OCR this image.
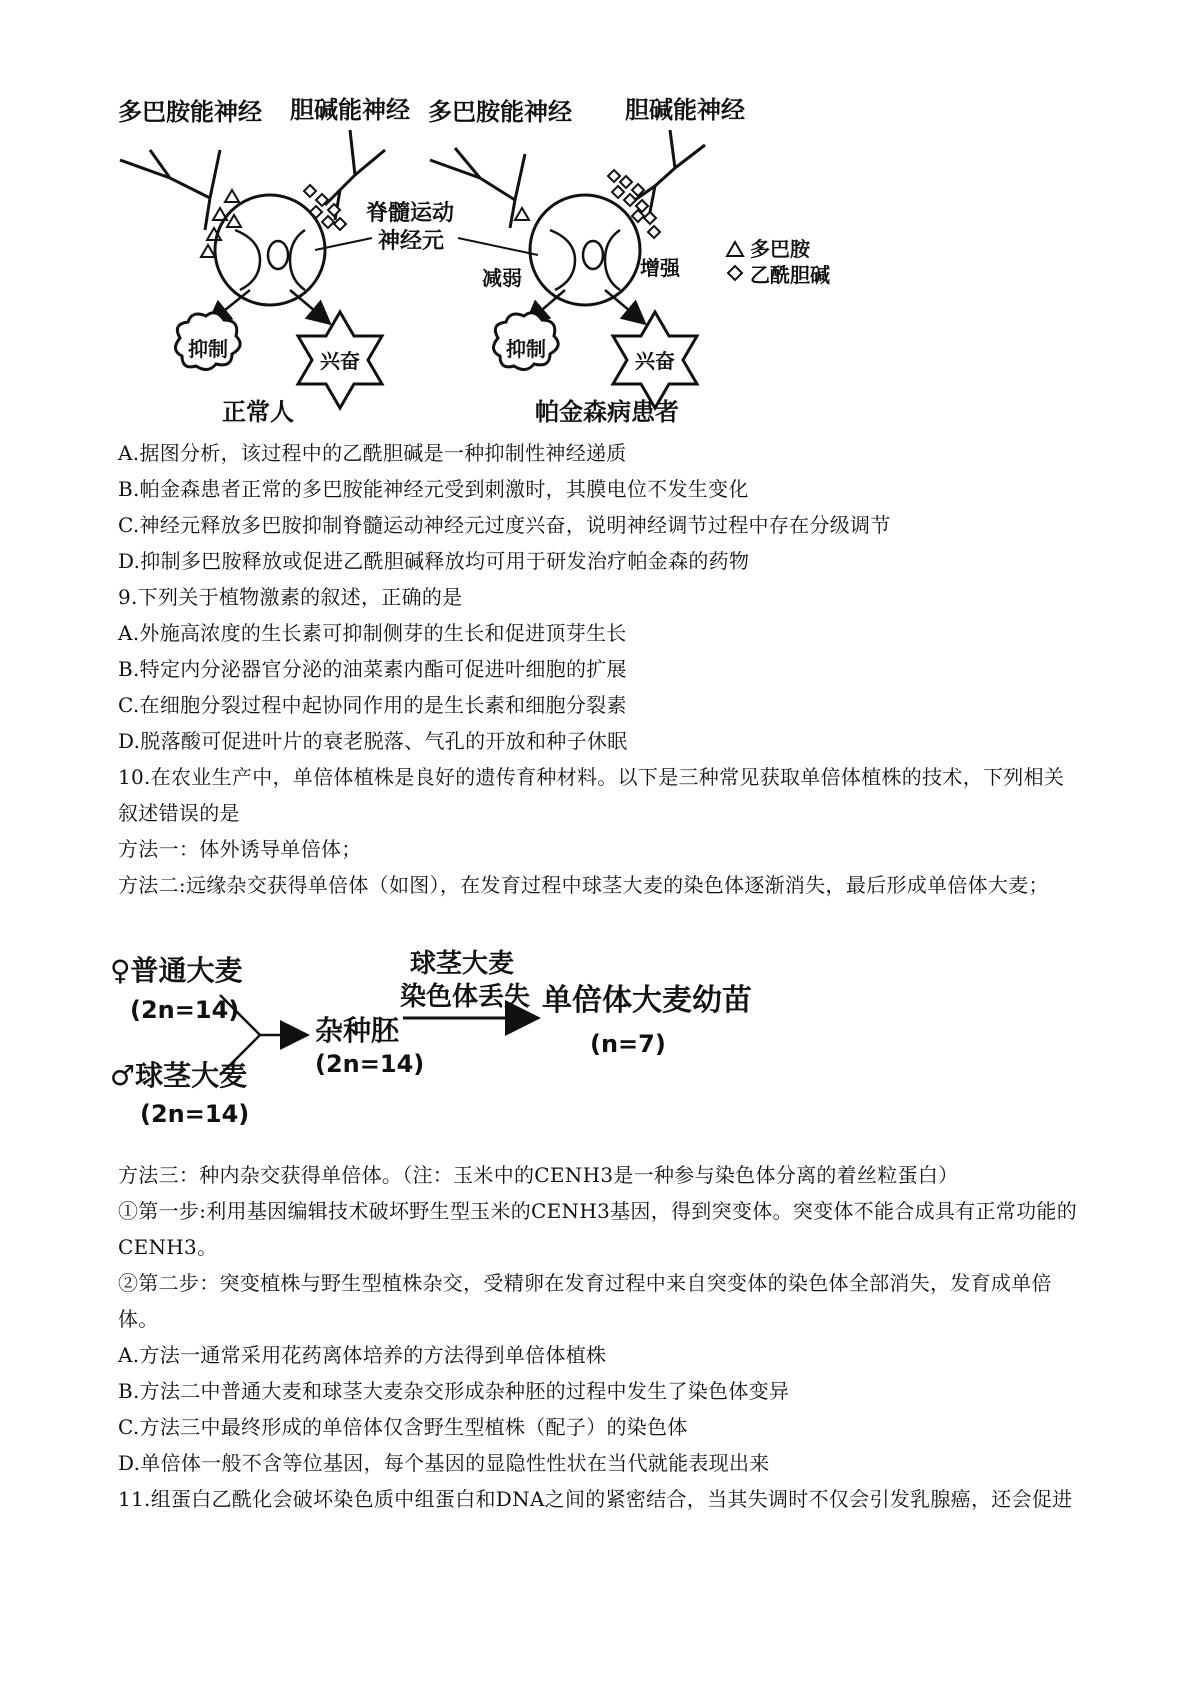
多巴胺能神经 胆碱能神经
抑制	兴奋
正常人
脊髓运动
神经元
多巴胺能神经 胆碱能神经
减弱	增强
抑制	兴奋
帕金森病患者
多巴胺
乙酰胆碱
A.据图分析，该过程中的乙酰胆碱是一种抑制性神经递质
B.帕金森患者正常的多巴胺能神经元受到刺激时，其膜电位不发生变化
C.神经元释放多巴胺抑制脊髓运动神经元过度兴奋，说明神经调节过程中存在分级调节
D.抑制多巴胺释放或促进乙酰胆碱释放均可用于研发治疗帕金森的药物
9.下列关于植物激素的叙述，正确的是
A.外施高浓度的生长素可抑制侧芽的生长和促进顶芽生长
B.特定内分泌器官分泌的油菜素内酯可促进叶细胞的扩展
C.在细胞分裂过程中起协同作用的是生长素和细胞分裂素
D.脱落酸可促进叶片的衰老脱落、气孔的开放和种子休眠
10.在农业生产中，单倍体植株是良好的遗传育种材料。以下是三种常见获取单倍体植株的技术，下列相关
叙述错误的是
方法一：体外诱导单倍体；
方法二:远缘杂交获得单倍体（如图），在发育过程中球茎大麦的染色体逐渐消失，最后形成单倍体大麦；
♀普通大麦
(2n=14)
♂球茎大麦
(2n=14)
杂种胚
(2n=14)
球茎大麦
染色体丢失 单倍体大麦幼苗
(n=7)
方法三：种内杂交获得单倍体。（注：玉米中的CENH3是一种参与染色体分离的着丝粒蛋白）
①第一步:利用基因编辑技术破坏野生型玉米的CENH3基因，得到突变体。突变体不能合成具有正常功能的
CENH3。
②第二步：突变植株与野生型植株杂交，受精卵在发育过程中来自突变体的染色体全部消失，发育成单倍
体。
A.方法一通常采用花药离体培养的方法得到单倍体植株
B.方法二中普通大麦和球茎大麦杂交形成杂种胚的过程中发生了染色体变异
C.方法三中最终形成的单倍体仅含野生型植株（配子）的染色体
D.单倍体一般不含等位基因，每个基因的显隐性性状在当代就能表现出来
11.组蛋白乙酰化会破坏染色质中组蛋白和DNA之间的紧密结合，当其失调时不仅会引发乳腺癌，还会促进
